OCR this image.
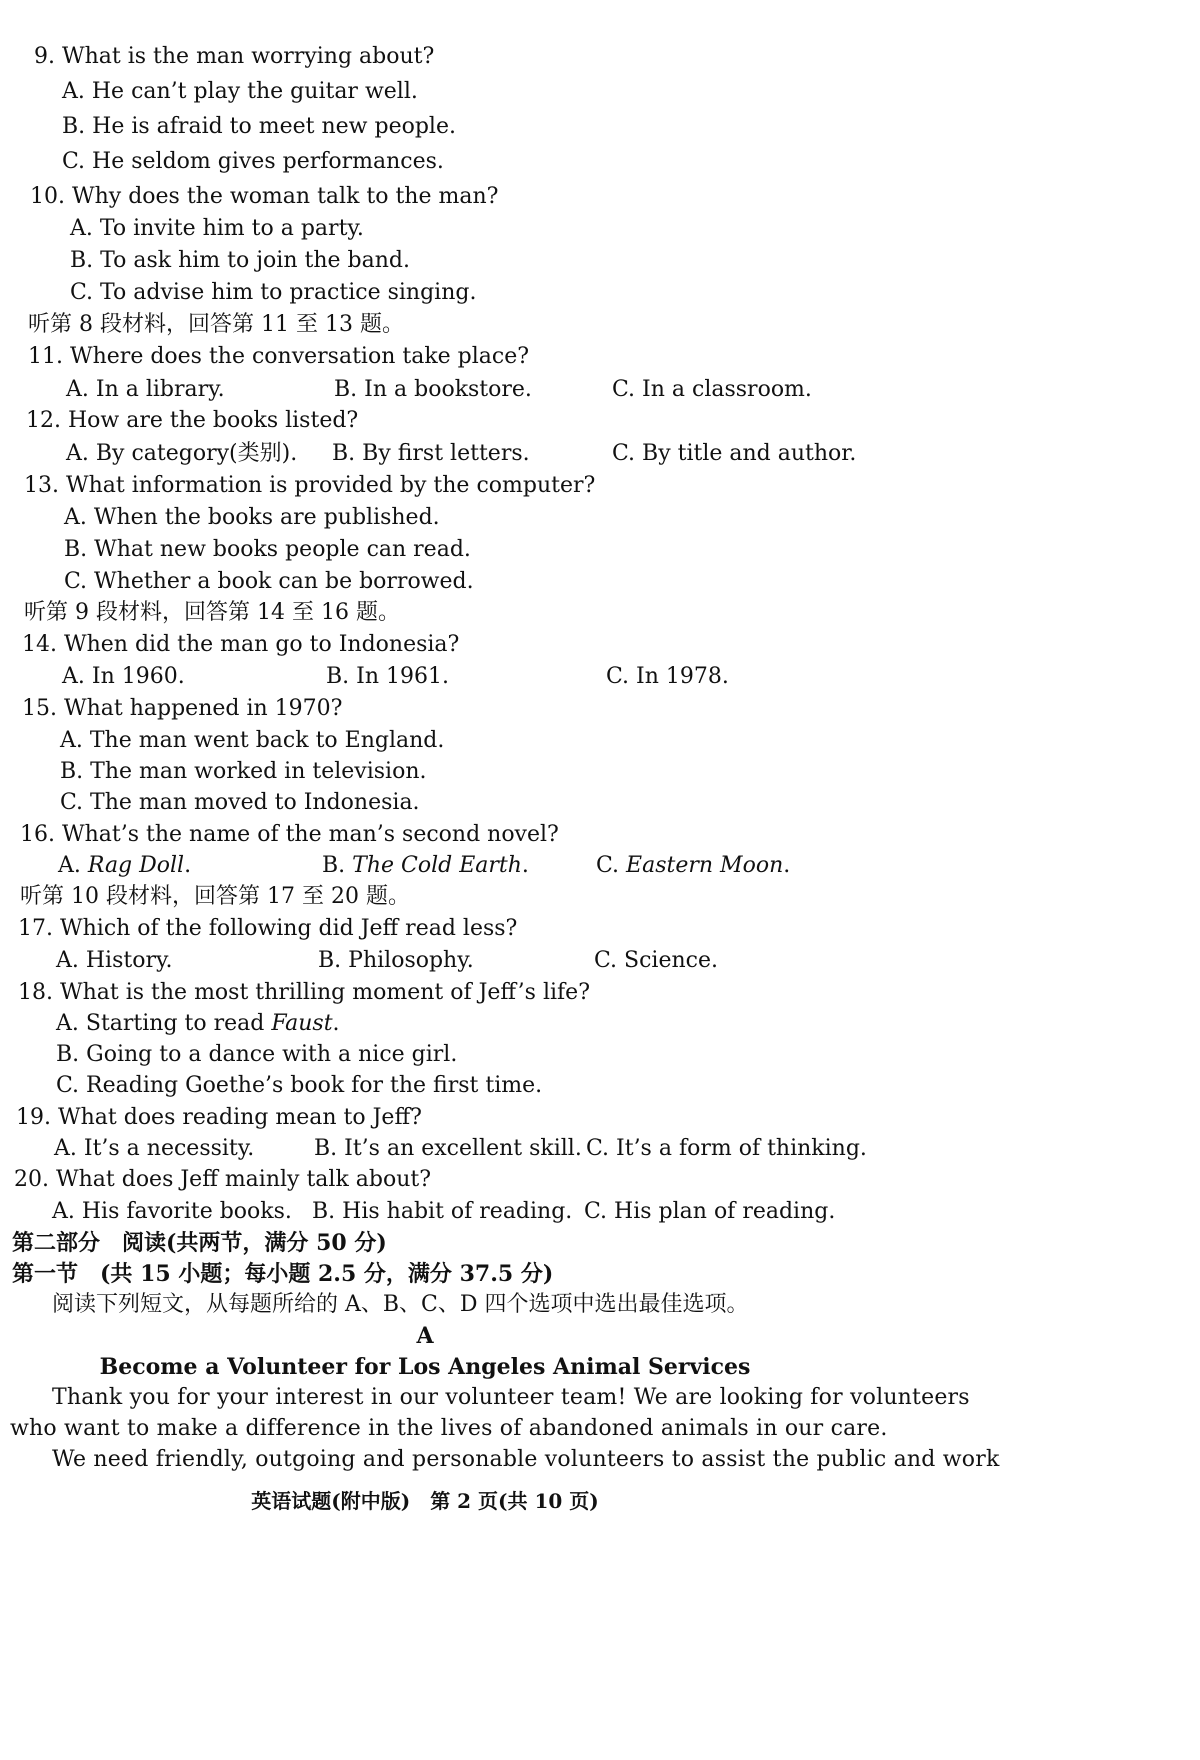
9. What is the man worrying about?
A. He can’t play the guitar well.
B. He is afraid to meet new people.
C. He seldom gives performances.
10. Why does the woman talk to the man?
A. To invite him to a party.
B. To ask him to join the band.
C. To advise him to practice singing.
听第 8 段材料，回答第 11 至 13 题。
11. Where does the conversation take place?
A. In a library.	B. In a bookstore.	C. In a classroom.
12. How are the books listed?
A. By category(类别). B. By first letters.	C. By title and author.
13. What information is provided by the computer?
A. When the books are published.
B. What new books people can read.
C. Whether a book can be borrowed.
听第 9 段材料，回答第 14 至 16 题。
14. When did the man go to Indonesia?
A. In 1960.	B. In 1961.	C. In 1978.
15. What happened in 1970?
A. The man went back to England.
B. The man worked in television.
C. The man moved to Indonesia.
16. What’s the name of the man’s second novel?
A. Rag Doll.	B. The Cold Earth.	C. Eastern Moon.
听第 10 段材料，回答第 17 至 20 题。
17. Which of the following did Jeff read less?
A. History.	B. Philosophy.	C. Science.
18. What is the most thrilling moment of Jeff’s life?
A. Starting to read Faust.
B. Going to a dance with a nice girl.
C. Reading Goethe’s book for the first time.
19. What does reading mean to Jeff?
A. It’s a necessity.	B. It’s an excellent skill. C. It’s a form of thinking.
20. What does Jeff mainly talk about?
A. His favorite books. B. His habit of reading. C. His plan of reading.
第二部分　阅读(共两节，满分 50 分)
第一节　(共 15 小题；每小题 2.5 分，满分 37.5 分)
阅读下列短文，从每题所给的 A、B、C、D 四个选项中选出最佳选项。
A
Become a Volunteer for Los Angeles Animal Services
Thank you for your interest in our volunteer team! We are looking for volunteers
who want to make a difference in the lives of abandoned animals in our care.
We need friendly, outgoing and personable volunteers to assist the public and work
英语试题(附中版)　第 2 页(共 10 页)
